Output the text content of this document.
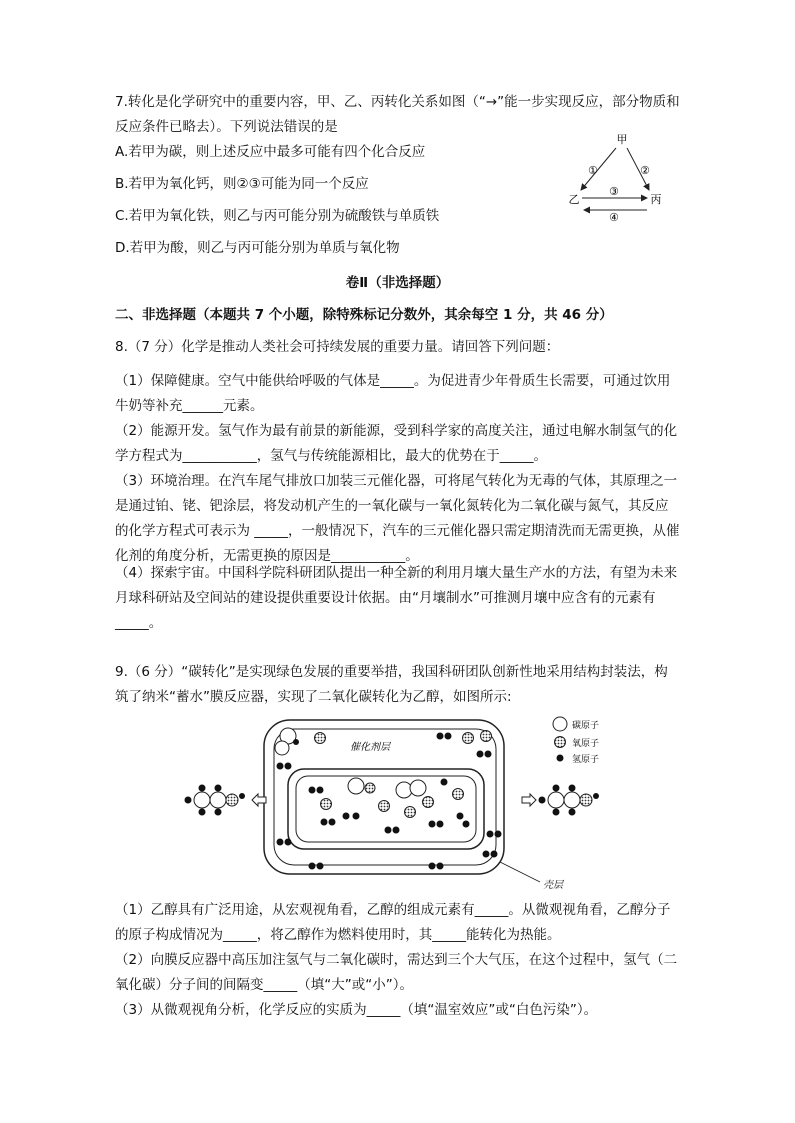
7.转化是化学研究中的重要内容，甲、乙、丙转化关系如图（“→”能一步实现反应，部分物质和反应条件已略去）。下列说法错误的是
A.若甲为碳，则上述反应中最多可能有四个化合反应
B.若甲为氧化钙，则②③可能为同一个反应
C.若甲为氧化铁，则乙与丙可能分别为硫酸铁与单质铁
D.若甲为酸，则乙与丙可能分别为单质与氧化物
甲
乙	丙
①	②
③
④
卷Ⅱ（非选择题）
二、非选择题（本题共 7 个小题，除特殊标记分数外，其余每空 1 分，共 46 分）
8.（7 分）化学是推动人类社会可持续发展的重要力量。请回答下列问题：
（1）保障健康。空气中能供给呼吸的气体是_____。为促进青少年骨质生长需要，可通过饮用牛奶等补充______元素。
（2）能源开发。氢气作为最有前景的新能源，受到科学家的高度关注，通过电解水制氢气的化学方程式为___________，氢气与传统能源相比，最大的优势在于_____。
（3）环境治理。在汽车尾气排放口加装三元催化器，可将尾气转化为无毒的气体，其原理之一是通过铂、铑、钯涂层，将发动机产生的一氧化碳与一氧化氮转化为二氧化碳与氮气，其反应的化学方程式可表示为 _____，一般情况下，汽车的三元催化器只需定期清洗而无需更换，从催化剂的角度分析，无需更换的原因是___________。
（4）探索宇宙。中国科学院科研团队提出一种全新的利用月壤大量生产水的方法，有望为未来月球科研站及空间站的建设提供重要设计依据。由“月壤制水”可推测月壤中应含有的元素有_____。
9.（6 分）“碳转化”是实现绿色发展的重要举措，我国科研团队创新性地采用结构封装法，构筑了纳米“蓄水”膜反应器，实现了二氧化碳转化为乙醇，如图所示:
催化剂层
壳层
碳原子
氧原子
氢原子
（1）乙醇具有广泛用途，从宏观视角看，乙醇的组成元素有_____。从微观视角看，乙醇分子的原子构成情况为_____，将乙醇作为燃料使用时，其_____能转化为热能。
（2）向膜反应器中高压加注氢气与二氧化碳时，需达到三个大气压，在这个过程中，氢气（二氧化碳）分子间的间隔变_____（填“大”或“小”）。
（3）从微观视角分析，化学反应的实质为_____（填“温室效应”或“白色污染”）。
